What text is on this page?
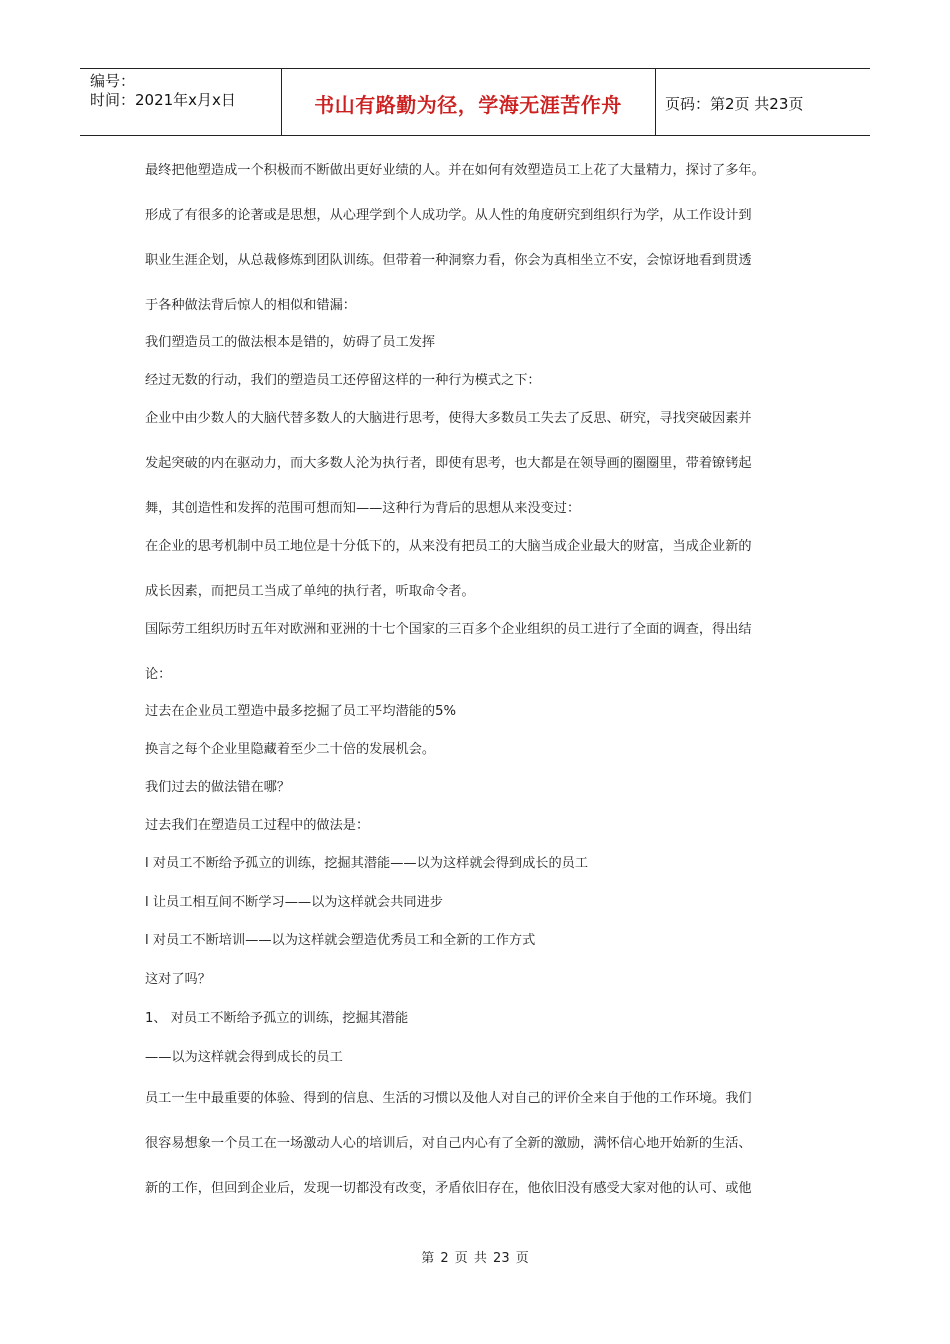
编号：
时间：2021年x月x日	书山有路勤为径，学海无涯苦作舟	页码：第2页 共23页
最终把他塑造成一个积极而不断做出更好业绩的人。并在如何有效塑造员工上花了大量精力，探讨了多年。
形成了有很多的论著或是思想，从心理学到个人成功学。从人性的角度研究到组织行为学，从工作设计到
职业生涯企划，从总裁修炼到团队训练。但带着一种洞察力看，你会为真相坐立不安，会惊讶地看到贯透
于各种做法背后惊人的相似和错漏：
我们塑造员工的做法根本是错的，妨碍了员工发挥
经过无数的行动，我们的塑造员工还停留这样的一种行为模式之下：
企业中由少数人的大脑代替多数人的大脑进行思考，使得大多数员工失去了反思、研究，寻找突破因素并
发起突破的内在驱动力，而大多数人沦为执行者，即使有思考，也大都是在领导画的圈圈里，带着镣铐起
舞，其创造性和发挥的范围可想而知——这种行为背后的思想从来没变过：
在企业的思考机制中员工地位是十分低下的，从来没有把员工的大脑当成企业最大的财富，当成企业新的
成长因素，而把员工当成了单纯的执行者，听取命令者。
国际劳工组织历时五年对欧洲和亚洲的十七个国家的三百多个企业组织的员工进行了全面的调查，得出结
论：
过去在企业员工塑造中最多挖掘了员工平均潜能的5%
换言之每个企业里隐藏着至少二十倍的发展机会。
我们过去的做法错在哪？
过去我们在塑造员工过程中的做法是：
l 对员工不断给予孤立的训练，挖掘其潜能——以为这样就会得到成长的员工
l 让员工相互间不断学习——以为这样就会共同进步
l 对员工不断培训——以为这样就会塑造优秀员工和全新的工作方式
这对了吗？
1、 对员工不断给予孤立的训练，挖掘其潜能
——以为这样就会得到成长的员工
员工一生中最重要的体验、得到的信息、生活的习惯以及他人对自己的评价全来自于他的工作环境。我们
很容易想象一个员工在一场激动人心的培训后，对自己内心有了全新的激励，满怀信心地开始新的生活、
新的工作，但回到企业后，发现一切都没有改变，矛盾依旧存在，他依旧没有感受大家对他的认可、或他
第 2 页 共 23 页
